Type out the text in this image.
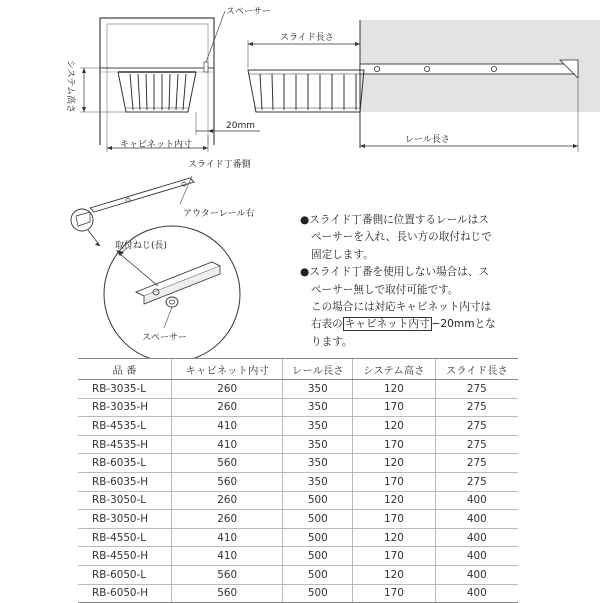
スペーサー
システム高さ
キャビネット内寸
20mm
スライド長さ
レール長さ
スライド丁番側
アウターレール右
取付ねじ(長)
スペーサー

●スライド丁番側に位置するレールはス

ペーサーを入れ、長い方の取付ねじで

固定します。

●スライド丁番を使用しない場合は、ス

ペーサー無しで取付可能です。

この場合には対応キャビネット内寸は

右表の キャビネット内寸 −20mmとな

ります。

品 番	キャビネット内寸	レール長さ	システム高さ	スライド長さ
RB-3035-L	260	350	120	275
RB-3035-H	260	350	170	275
RB-4535-L	410	350	120	275
RB-4535-H	410	350	170	275
RB-6035-L	560	350	120	275
RB-6035-H	560	350	170	275
RB-3050-L	260	500	120	400
RB-3050-H	260	500	170	400
RB-4550-L	410	500	120	400
RB-4550-H	410	500	170	400
RB-6050-L	560	500	120	400
RB-6050-H	560	500	170	400
